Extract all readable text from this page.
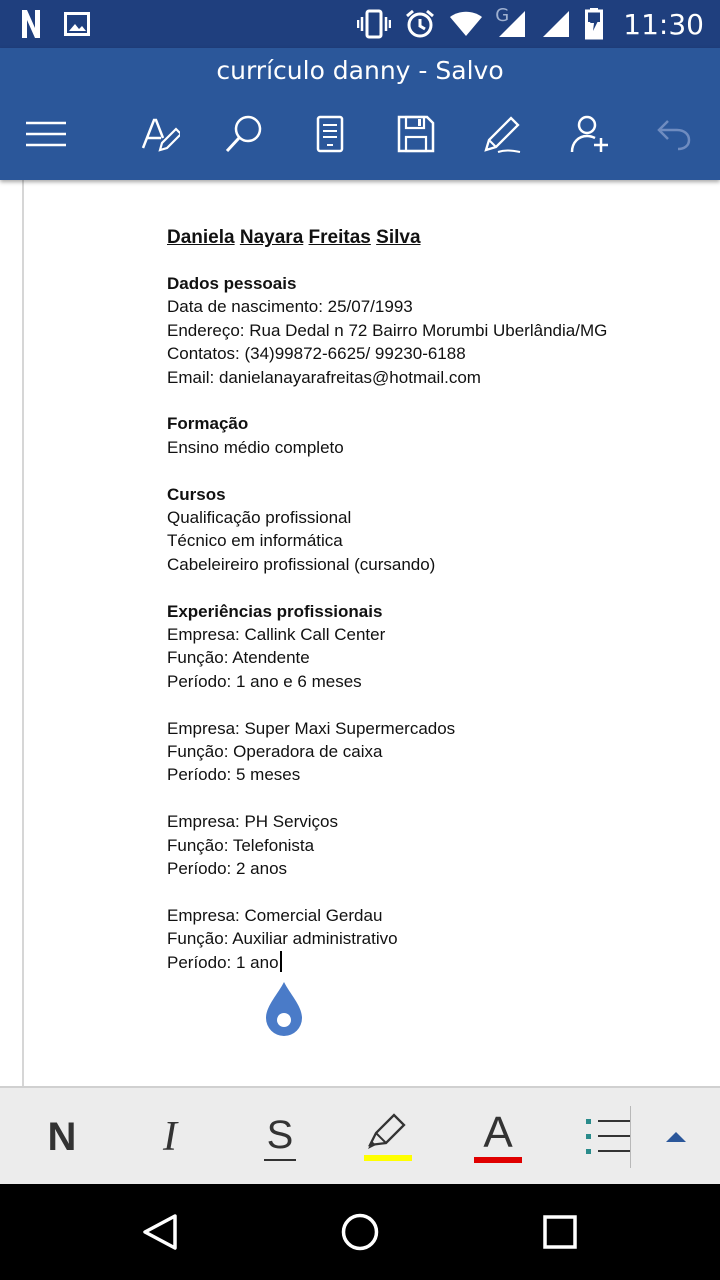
G	11:30
currículo danny - Salvo
Daniela Nayara Freitas Silva
Dados pessoais
Data de nascimento: 25/07/1993
Endereço: Rua Dedal n 72 Bairro Morumbi Uberlândia/MG
Contatos: (34)99872-6625/ 99230-6188
Email: danielanayarafreitas@hotmail.com
Formação
Ensino médio completo
Cursos
Qualificação profissional
Técnico em informática
Cabeleireiro profissional (cursando)
Experiências profissionais
Empresa: Callink Call Center
Função: Atendente
Período: 1 ano e 6 meses
Empresa: Super Maxi Supermercados
Função: Operadora de caixa
Período: 5 meses
Empresa: PH Serviços
Função: Telefonista
Período: 2 anos
Empresa: Comercial Gerdau
Função: Auxiliar administrativo
Período: 1 ano
N I S	A
